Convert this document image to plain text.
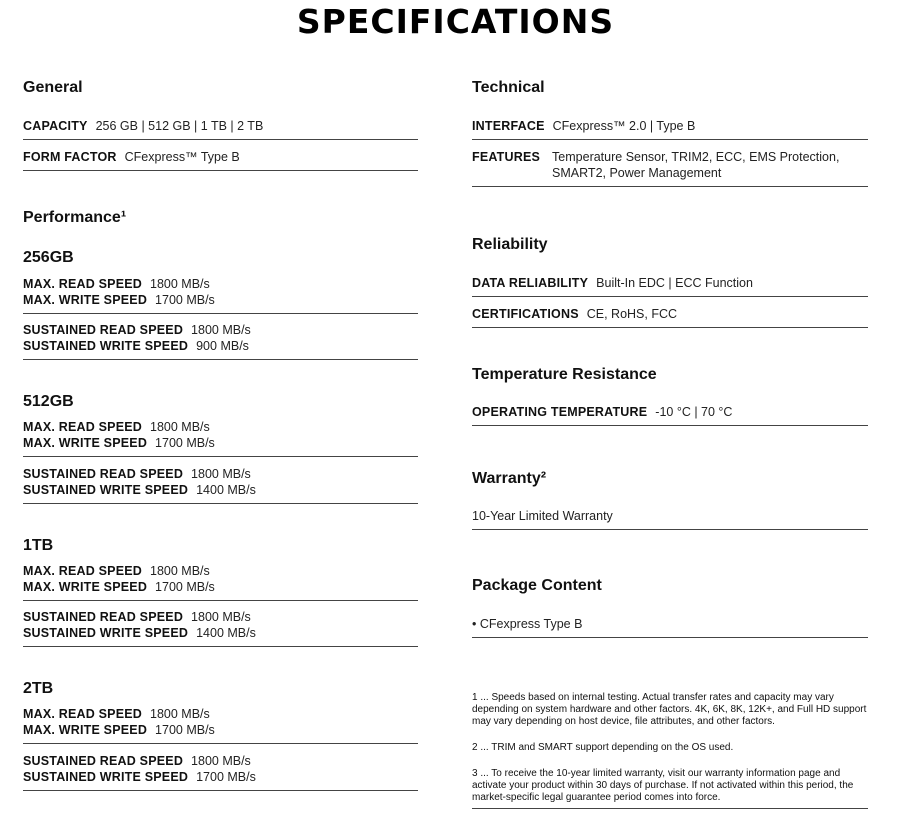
SPECIFICATIONS
General
CAPACITY 256 GB | 512 GB | 1 TB | 2 TB
FORM FACTOR CFexpress™ Type B
Performance¹
256GB
MAX. READ SPEED 1800 MB/s
MAX. WRITE SPEED 1700 MB/s
SUSTAINED READ SPEED 1800 MB/s
SUSTAINED WRITE SPEED 900 MB/s
512GB
MAX. READ SPEED 1800 MB/s
MAX. WRITE SPEED 1700 MB/s
SUSTAINED READ SPEED 1800 MB/s
SUSTAINED WRITE SPEED 1400 MB/s
1TB
MAX. READ SPEED 1800 MB/s
MAX. WRITE SPEED 1700 MB/s
SUSTAINED READ SPEED 1800 MB/s
SUSTAINED WRITE SPEED 1400 MB/s
2TB
MAX. READ SPEED 1800 MB/s
MAX. WRITE SPEED 1700 MB/s
SUSTAINED READ SPEED 1800 MB/s
SUSTAINED WRITE SPEED 1700 MB/s
Technical
INTERFACE CFexpress™ 2.0 | Type B
FEATURES Temperature Sensor, TRIM2, ECC, EMS Protection, SMART2, Power Management
Reliability
DATA RELIABILITY Built-In EDC | ECC Function
CERTIFICATIONS CE, RoHS, FCC
Temperature Resistance
OPERATING TEMPERATURE -10 °C | 70 °C
Warranty²
10-Year Limited Warranty
Package Content
• CFexpress Type B
1 ... Speeds based on internal testing. Actual transfer rates and capacity may vary depending on system hardware and other factors. 4K, 6K, 8K, 12K+, and Full HD support may vary depending on host device, file attributes, and other factors.
2 ... TRIM and SMART support depending on the OS used.
3 ... To receive the 10-year limited warranty, visit our warranty information page and activate your product within 30 days of purchase. If not activated within this period, the market-specific legal guarantee period comes into force.
